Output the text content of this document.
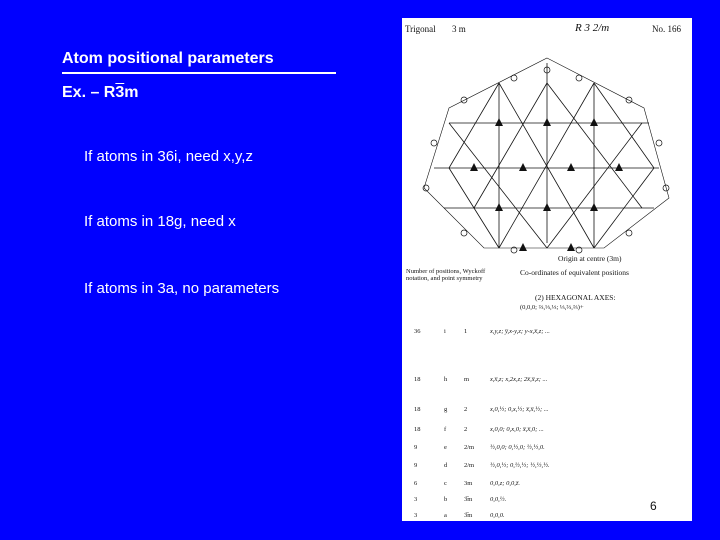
Atom positional parameters
Ex. – R3m
If atoms in 36i, need x,y,z
If atoms in 18g, need x
If atoms in 3a, no parameters
Trigonal 3 m	R 3 2/m	No. 166
Origin at centre (3m)
Number of positions, Wyckoff notation, and point symmetry
Co-ordinates of equivalent positions
(2) HEXAGONAL AXES:
(0,0,0; ⅔,⅓,⅓; ⅓,⅔,⅔)+
36	i	1	x,y,z; y̅,x-y,z; y-x,x̅,z; ...
18	h	m	x,x̅,z; x,2x,z; 2x̅,x̅,z; ...
18	g	2	x,0,½; 0,x,½; x̅,x̅,½; ...
18	f	2	x,0,0; 0,x,0; x̅,x̅,0; ...
9	e	2/m ½,0,0; 0,½,0; ½,½,0.
9	d	2/m ½,0,½; 0,½,½; ½,½,½.
6	c	3m	0,0,z; 0,0,z̅.
3	b	3̅m	0,0,½.
3	a	3̅m	0,0,0.
6
